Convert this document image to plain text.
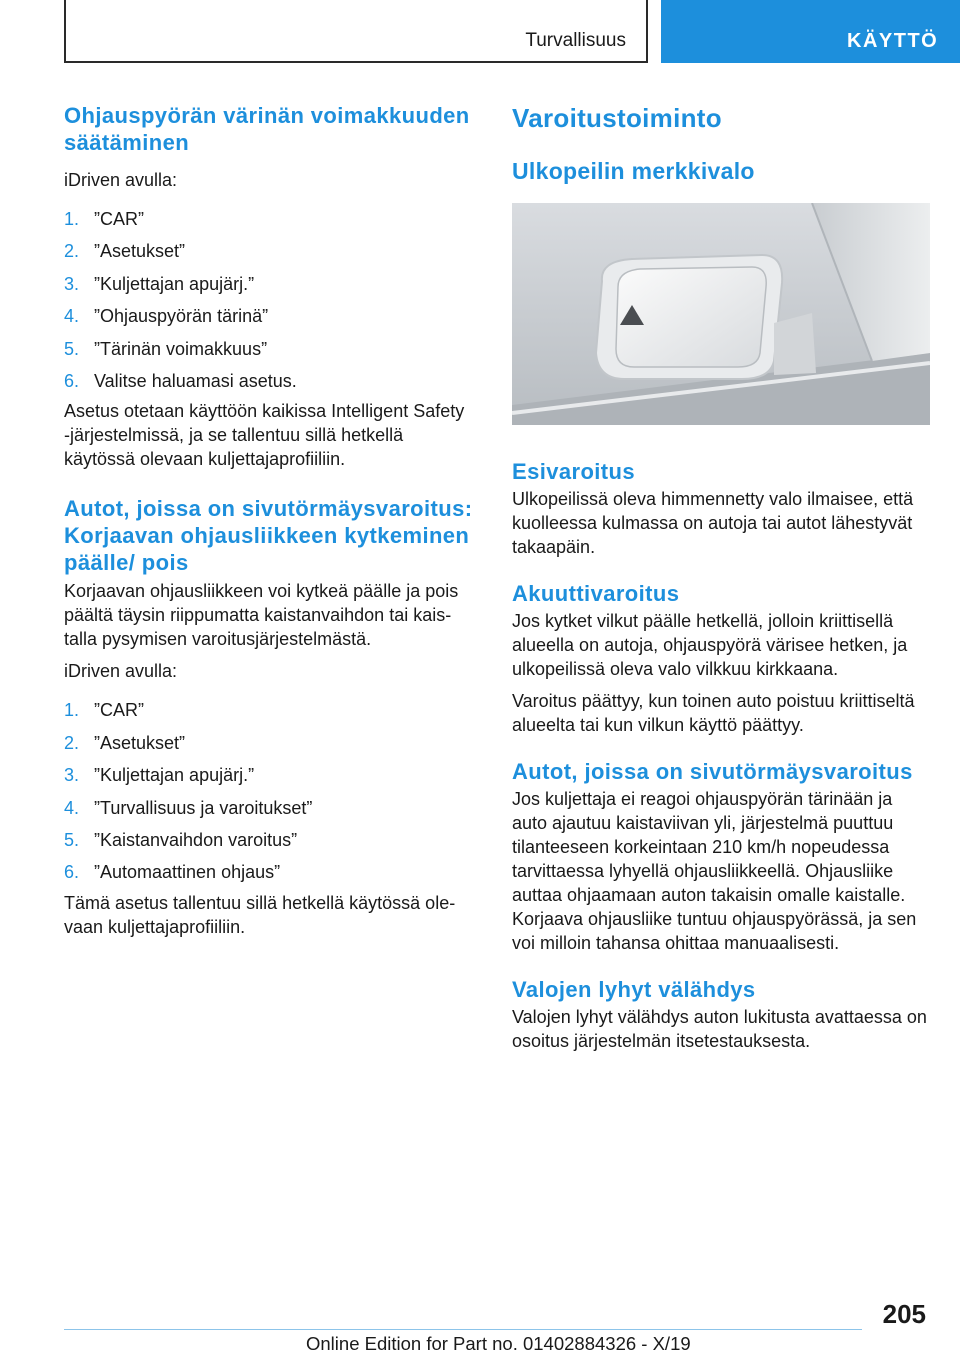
Turvallisuus	KÄYTTÖ
Ohjauspyörän värinän voimakkuuden säätäminen

iDriven avulla:

1. ”CAR”
2. ”Asetukset”
3. ”Kuljettajan apujärj.”
4. ”Ohjauspyörän tärinä”
5. ”Tärinän voimakkuus”
6. Valitse haluamasi asetus.

Asetus otetaan käyttöön kaikissa Intelligent Safety -järjestelmissä, ja se tallentuu sillä hetkellä käytössä olevaan kuljettajaprofiiliin.

Autot, joissa on sivutörmäysvaroitus: Korjaavan ohjausliikkeen kytkeminen päälle/ pois

Korjaavan ohjausliikkeen voi kytkeä päälle ja pois päältä täysin riippumatta kaistanvaihdon tai kaistalla pysymisen varoitusjärjestelmästä.

iDriven avulla:

1. ”CAR”
2. ”Asetukset”
3. ”Kuljettajan apujärj.”
4. ”Turvallisuus ja varoitukset”
5. ”Kaistanvaihdon varoitus”
6. ”Automaattinen ohjaus”

Tämä asetus tallentuu sillä hetkellä käytössä olevaan kuljettajaprofiiliin.

Varoitustoiminto
Ulkopeilin merkkivalo
Esivaroitus

Ulkopeilissä oleva himmennetty valo ilmaisee, että kuolleessa kulmassa on autoja tai autot lähestyvät takaapäin.

Akuuttivaroitus

Jos kytket vilkut päälle hetkellä, jolloin kriittisellä alueella on autoja, ohjauspyörä värisee hetken, ja ulkopeilissä oleva valo vilkkuu kirkkaana.

Varoitus päättyy, kun toinen auto poistuu kriittiseltä alueelta tai kun vilkun käyttö päättyy.

Autot, joissa on sivutörmäysvaroitus

Jos kuljettaja ei reagoi ohjauspyörän tärinään ja auto ajautuu kaistaviivan yli, järjestelmä puuttuu tilanteeseen korkeintaan 210 km/h nopeudessa tarvittaessa lyhyellä ohjausliikkeellä. Ohjausliike auttaa ohjaamaan auton takaisin omalle kaistalle. Korjaava ohjausliike tuntuu ohjauspyörässä, ja sen voi milloin tahansa ohittaa manuaalisesti.

Valojen lyhyt välähdys

Valojen lyhyt välähdys auton lukitusta avattaessa on osoitus järjestelmän itsetestauksesta.

205
Online Edition for Part no. 01402884326 - X/19
